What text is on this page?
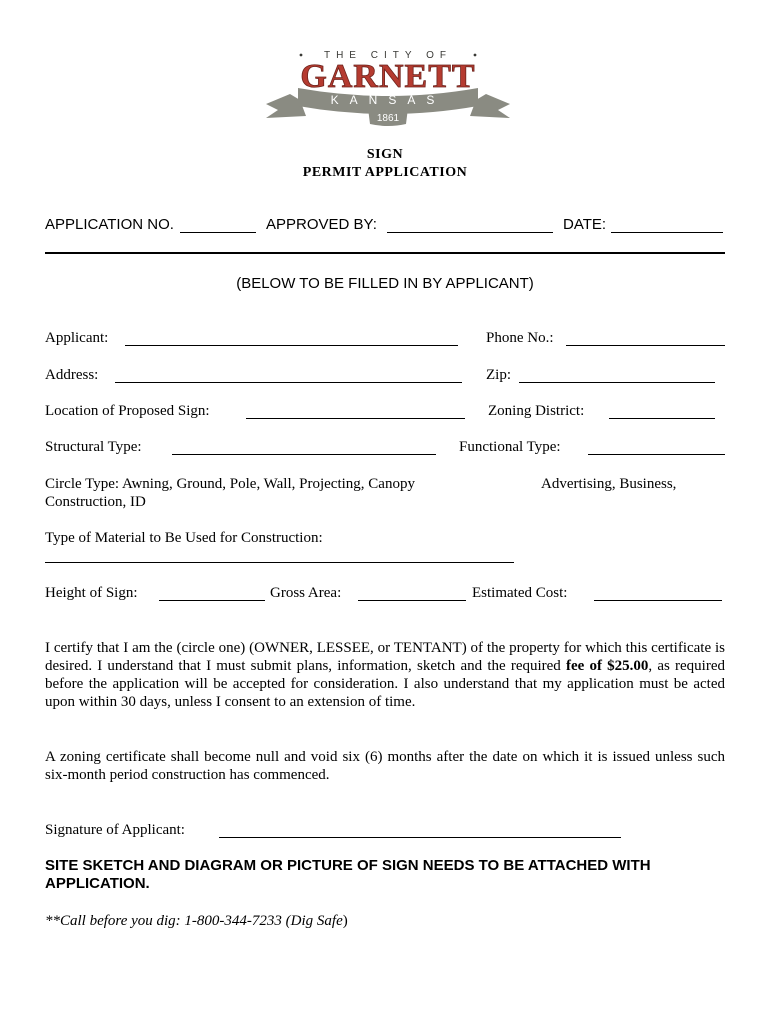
THE CITY OF
KANSAS
GARNETT
1861
SIGN
PERMIT APPLICATION
APPLICATION NO.	APPROVED BY:	DATE:
(BELOW TO BE FILLED IN BY APPLICANT)
Applicant:	Phone No.:
Address:	Zip:
Location of Proposed Sign:	Zoning District:
Structural Type:	Functional Type:
Circle Type: Awning, Ground, Pole, Wall, Projecting, Canopy	Advertising, Business,
Construction, ID
Type of Material to Be Used for Construction:
Height of Sign:	Gross Area:	Estimated Cost:
I certify that I am the (circle one) (OWNER, LESSEE, or TENTANT) of the property for which this certificate is desired. I understand that I must submit plans, information, sketch and the required fee of $25.00, as required before the application will be accepted for consideration. I also understand that my application must be acted upon within 30 days, unless I consent to an extension of time.
A zoning certificate shall become null and void six (6) months after the date on which it is issued unless such six-month period construction has commenced.
Signature of Applicant:
SITE SKETCH AND DIAGRAM OR PICTURE OF SIGN NEEDS TO BE ATTACHED WITH APPLICATION.
**Call before you dig: 1-800-344-7233 (Dig Safe)
